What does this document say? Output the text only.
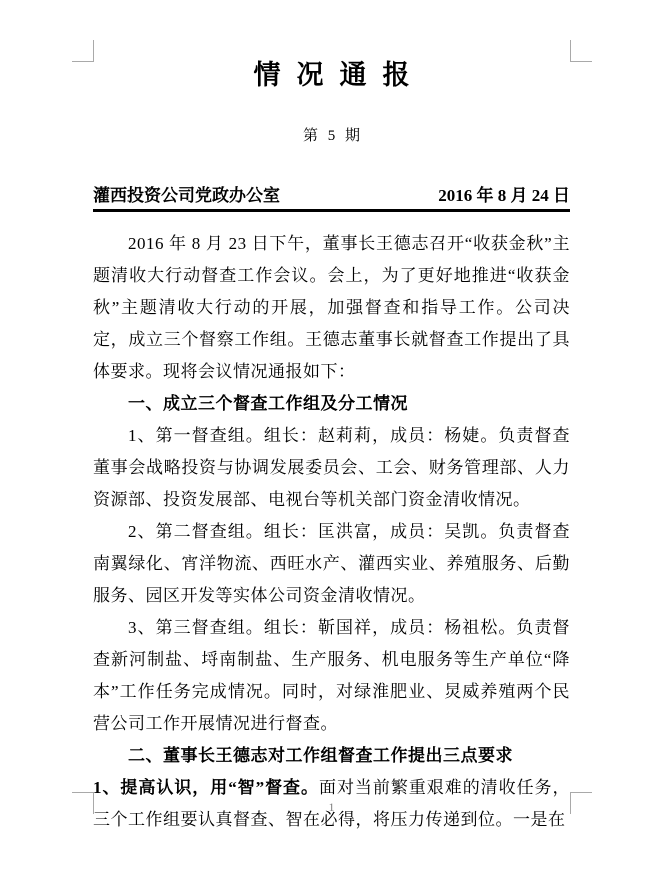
情况通报
第 5 期
灌西投资公司党政办公室	2016 年 8 月 24 日

2016 年 8 月 23 日下午，董事长王德志召开“收获金秋”主题清收大行动督查工作会议。会上，为了更好地推进“收获金秋”主题清收大行动的开展，加强督查和指导工作。公司决定，成立三个督察工作组。王德志董事长就督查工作提出了具体要求。现将会议情况通报如下：

一、成立三个督查工作组及分工情况

1、第一督查组。组长：赵莉莉，成员：杨婕。负责督查董事会战略投资与协调发展委员会、工会、财务管理部、人力资源部、投资发展部、电视台等机关部门资金清收情况。

2、第二督查组。组长：匡洪富，成员：吴凯。负责督查南翼绿化、宵洋物流、西旺水产、灌西实业、养殖服务、后勤服务、园区开发等实体公司资金清收情况。

3、第三督查组。组长：靳国祥，成员：杨祖松。负责督查新河制盐、埒南制盐、生产服务、机电服务等生产单位“降本”工作任务完成情况。同时，对绿淮肥业、炅威养殖两个民营公司工作开展情况进行督查。

二、董事长王德志对工作组督查工作提出三点要求

1、提高认识，用“智”督查。面对当前繁重艰难的清收任务，三个工作组要认真督查、智在必得，将压力传递到位。一是在

1
